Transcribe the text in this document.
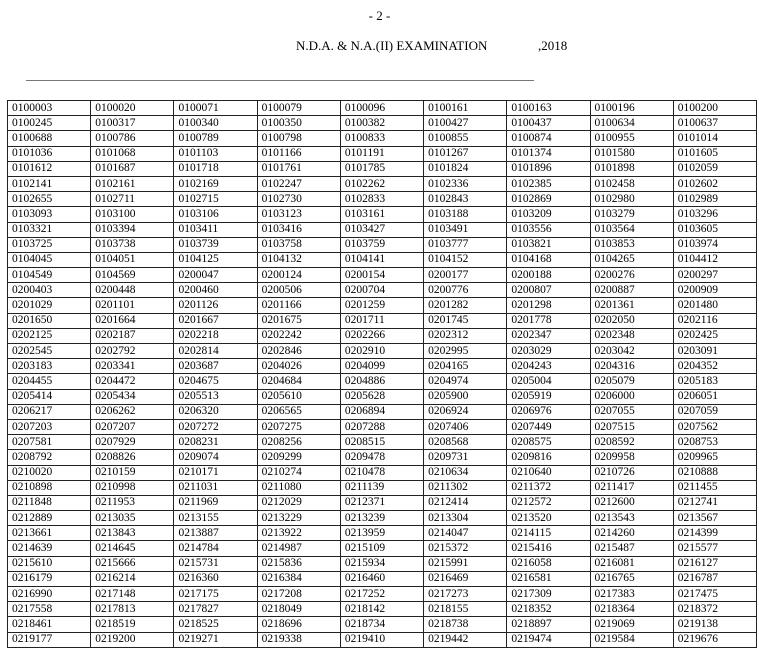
- 2 -
N.D.A. & N.A.(II) EXAMINATION	,2018
0100003	0100020	0100071	0100079	0100096	0100161	0100163	0100196	0100200
0100245	0100317	0100340	0100350	0100382	0100427	0100437	0100634	0100637
0100688	0100786	0100789	0100798	0100833	0100855	0100874	0100955	0101014
0101036	0101068	0101103	0101166	0101191	0101267	0101374	0101580	0101605
0101612	0101687	0101718	0101761	0101785	0101824	0101896	0101898	0102059
0102141	0102161	0102169	0102247	0102262	0102336	0102385	0102458	0102602
0102655	0102711	0102715	0102730	0102833	0102843	0102869	0102980	0102989
0103093	0103100	0103106	0103123	0103161	0103188	0103209	0103279	0103296
0103321	0103394	0103411	0103416	0103427	0103491	0103556	0103564	0103605
0103725	0103738	0103739	0103758	0103759	0103777	0103821	0103853	0103974
0104045	0104051	0104125	0104132	0104141	0104152	0104168	0104265	0104412
0104549	0104569	0200047	0200124	0200154	0200177	0200188	0200276	0200297
0200403	0200448	0200460	0200506	0200704	0200776	0200807	0200887	0200909
0201029	0201101	0201126	0201166	0201259	0201282	0201298	0201361	0201480
0201650	0201664	0201667	0201675	0201711	0201745	0201778	0202050	0202116
0202125	0202187	0202218	0202242	0202266	0202312	0202347	0202348	0202425
0202545	0202792	0202814	0202846	0202910	0202995	0203029	0203042	0203091
0203183	0203341	0203687	0204026	0204099	0204165	0204243	0204316	0204352
0204455	0204472	0204675	0204684	0204886	0204974	0205004	0205079	0205183
0205414	0205434	0205513	0205610	0205628	0205900	0205919	0206000	0206051
0206217	0206262	0206320	0206565	0206894	0206924	0206976	0207055	0207059
0207203	0207207	0207272	0207275	0207288	0207406	0207449	0207515	0207562
0207581	0207929	0208231	0208256	0208515	0208568	0208575	0208592	0208753
0208792	0208826	0209074	0209299	0209478	0209731	0209816	0209958	0209965
0210020	0210159	0210171	0210274	0210478	0210634	0210640	0210726	0210888
0210898	0210998	0211031	0211080	0211139	0211302	0211372	0211417	0211455
0211848	0211953	0211969	0212029	0212371	0212414	0212572	0212600	0212741
0212889	0213035	0213155	0213229	0213239	0213304	0213520	0213543	0213567
0213661	0213843	0213887	0213922	0213959	0214047	0214115	0214260	0214399
0214639	0214645	0214784	0214987	0215109	0215372	0215416	0215487	0215577
0215610	0215666	0215731	0215836	0215934	0215991	0216058	0216081	0216127
0216179	0216214	0216360	0216384	0216460	0216469	0216581	0216765	0216787
0216990	0217148	0217175	0217208	0217252	0217273	0217309	0217383	0217475
0217558	0217813	0217827	0218049	0218142	0218155	0218352	0218364	0218372
0218461	0218519	0218525	0218696	0218734	0218738	0218897	0219069	0219138
0219177	0219200	0219271	0219338	0219410	0219442	0219474	0219584	0219676
